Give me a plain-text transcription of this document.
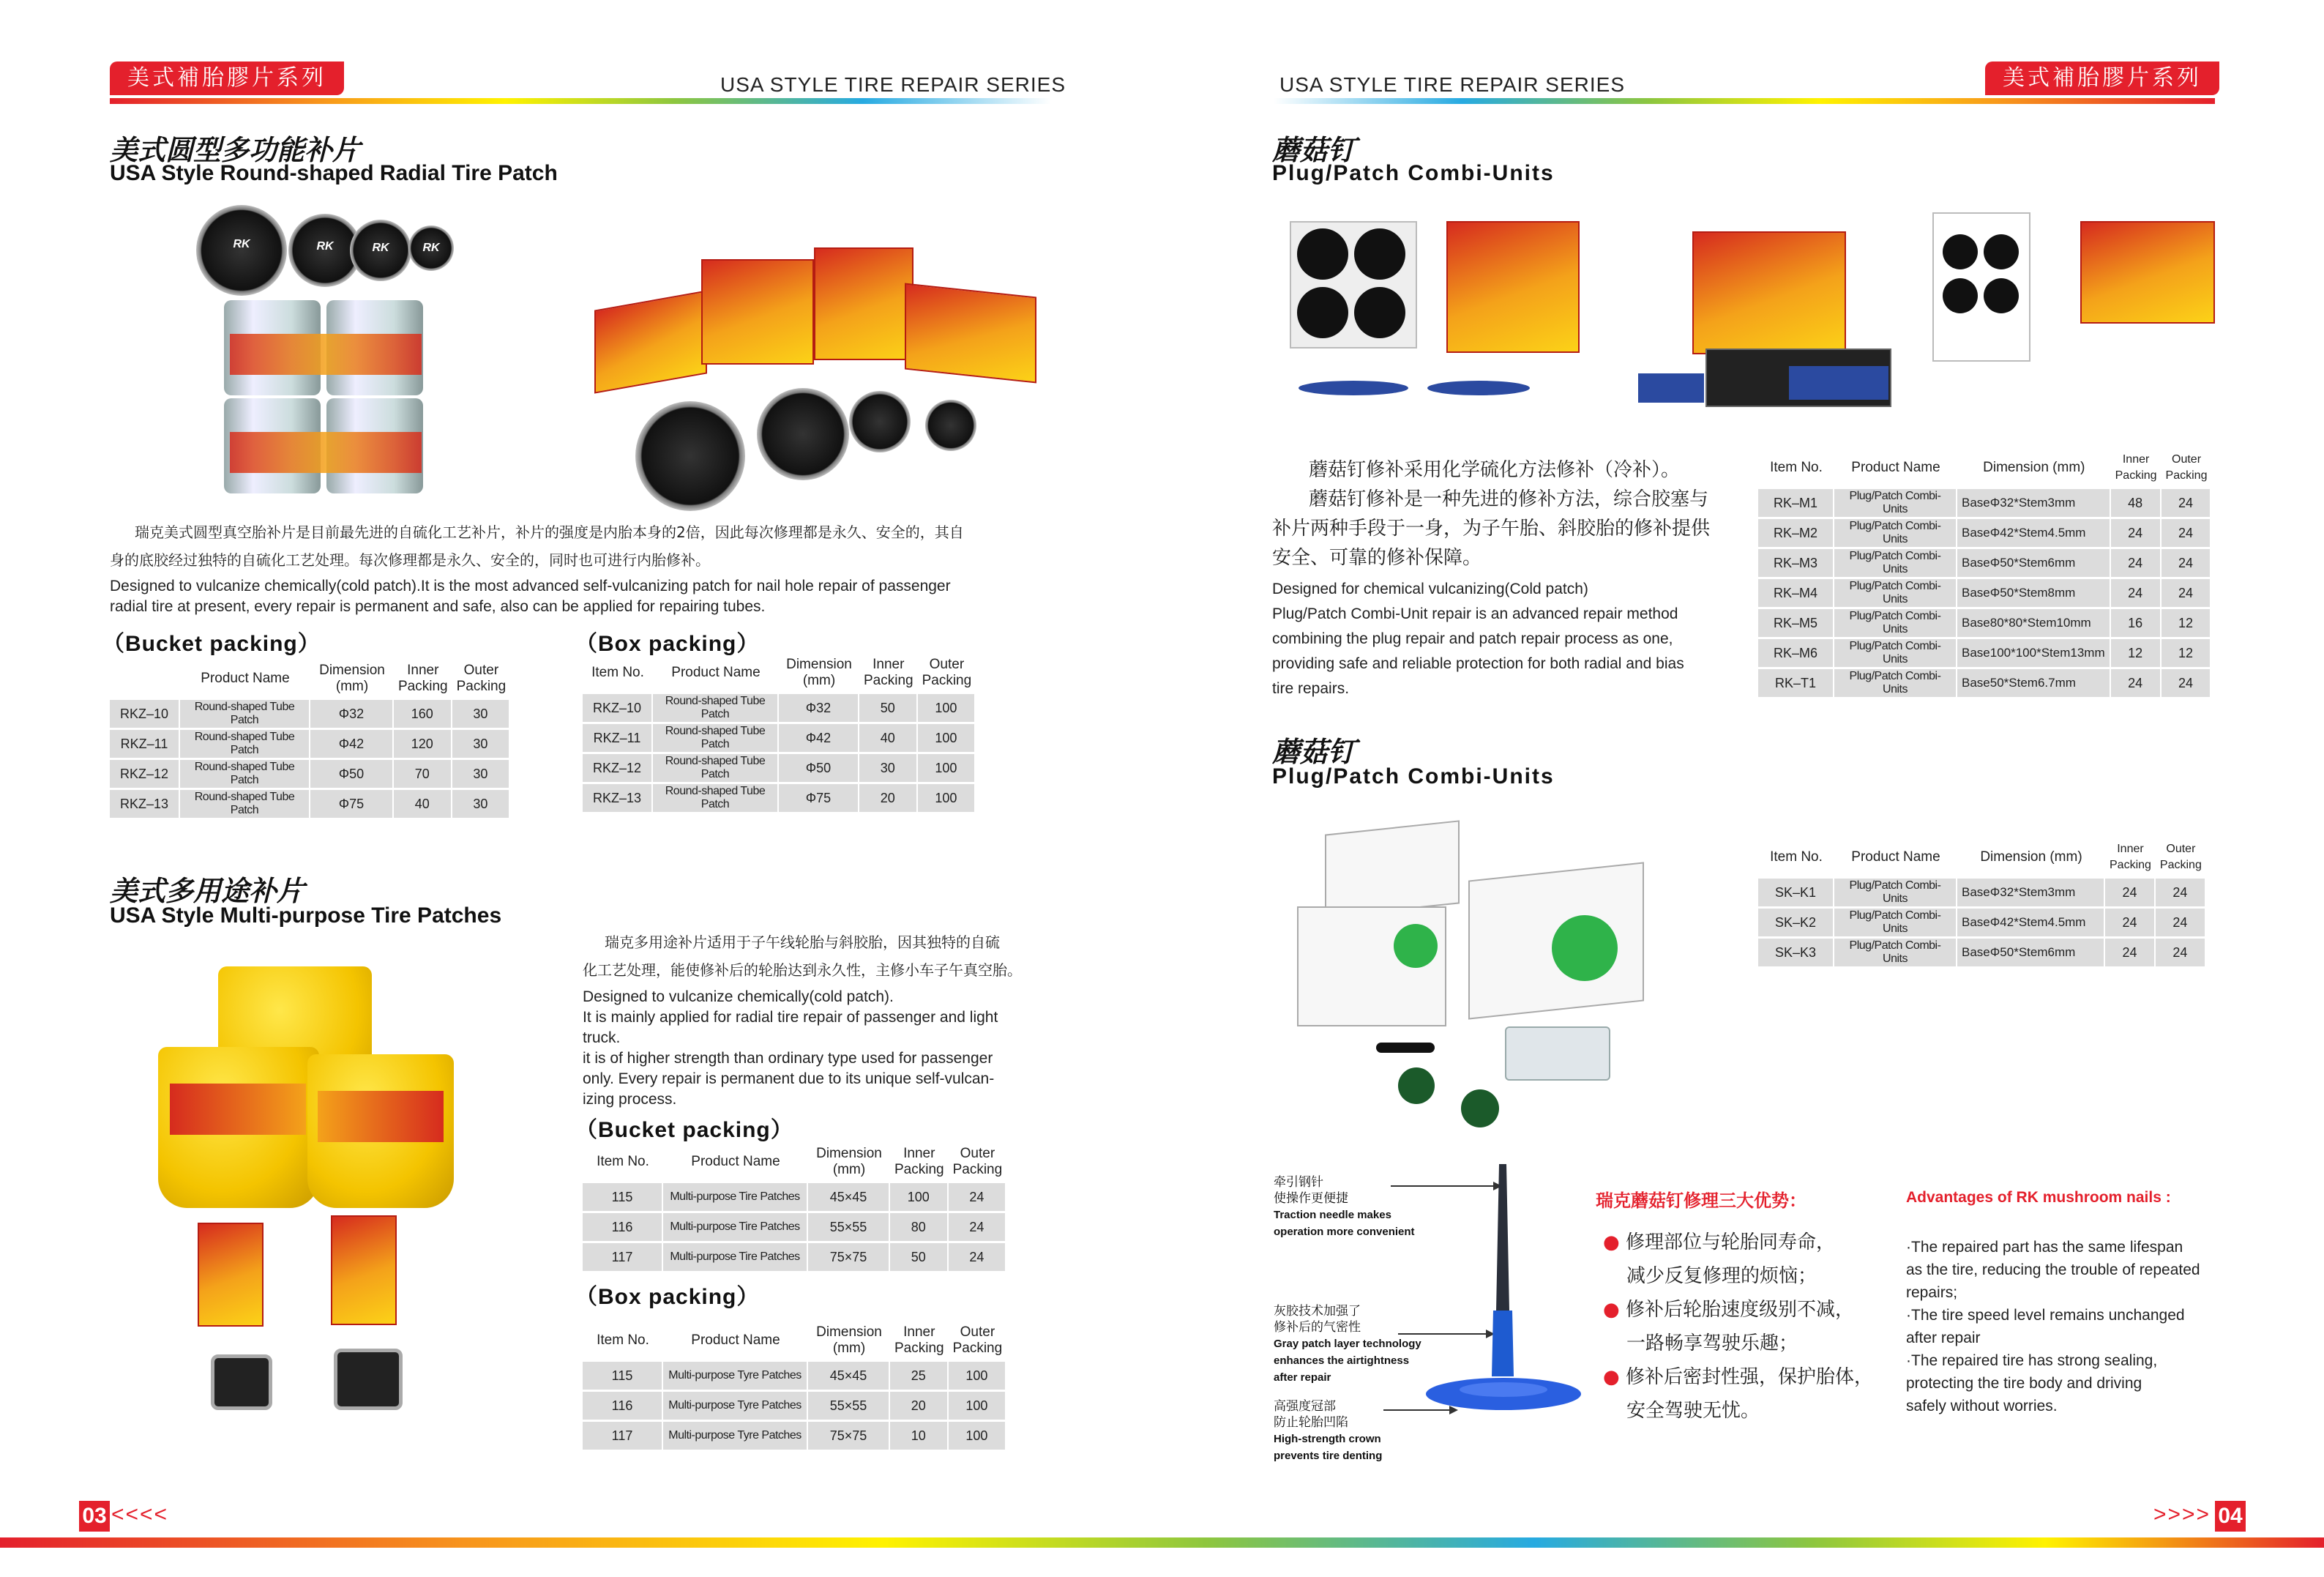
美式補胎膠片系列	USA STYLE TIRE REPAIR SERIES
美式圆型多功能补片
USA Style Round-shaped Radial Tire Patch
RK	RK	RK	RK
瑞克美式圆型真空胎补片是目前最先进的自硫化工艺补片，补片的强度是内胎本身的2倍，因此每次修理都是永久、安全的，其自
身的底胶经过独特的自硫化工艺处理。每次修理都是永久、安全的，同时也可进行内胎修补。
Designed to vulcanize chemically(cold patch).It is the most advanced self-vulcanizing patch for nail hole repair of passenger
radial tire at present, every repair is permanent and safe, also can be applied for repairing tubes.
（Bucket packing）	（Box packing）
	Product Name	Dimension (mm)	Inner Packing	Outer Packing
RKZ–10	Round-shaped Tube Patch	Φ32	160	30
RKZ–11	Round-shaped Tube Patch	Φ42	120	30
RKZ–12	Round-shaped Tube Patch	Φ50	70	30
RKZ–13	Round-shaped Tube Patch	Φ75	40	30
Item No.	Product Name	Dimension (mm)	Inner Packing	Outer Packing
RKZ–10	Round-shaped Tube Patch	Φ32	50	100
RKZ–11	Round-shaped Tube Patch	Φ42	40	100
RKZ–12	Round-shaped Tube Patch	Φ50	30	100
RKZ–13	Round-shaped Tube Patch	Φ75	20	100
美式多用途补片
USA Style Multi-purpose Tire Patches
瑞克多用途补片适用于子午线轮胎与斜胶胎，因其独特的自硫
化工艺处理，能使修补后的轮胎达到永久性，主修小车子午真空胎。
Designed to vulcanize chemically(cold patch).
It is mainly applied for radial tire repair of passenger and light
truck.
it is of higher strength than ordinary type used for passenger
only. Every repair is permanent due to its unique self-vulcan-
izing process.
（Bucket packing）
Item No.	Product Name	Dimension (mm)	Inner Packing	Outer Packing
115	Multi-purpose Tire Patches	45×45	100	24
116	Multi-purpose Tire Patches	55×55	80	24
117	Multi-purpose Tire Patches	75×75	50	24
（Box packing）
Item No.	Product Name	Dimension (mm)	Inner Packing	Outer Packing
115	Multi-purpose Tyre Patches	45×45	25	100
116	Multi-purpose Tyre Patches	55×55	20	100
117	Multi-purpose Tyre Patches	75×75	10	100
03 <<<<
USA STYLE TIRE REPAIR SERIES	美式補胎膠片系列
蘑菇钉
Plug/Patch Combi-Units
蘑菇钉修补采用化学硫化方法修补（冷补）。
蘑菇钉修补是一种先进的修补方法，综合胶塞与
补片两种手段于一身，为子午胎、斜胶胎的修补提供
安全、可靠的修补保障。
Designed for chemical vulcanizing(Cold patch)
Plug/Patch Combi-Unit repair is an advanced repair method
combining the plug repair and patch repair process as one,
providing safe and reliable protection for both radial and bias
tire repairs.
Item No.	Product Name	Dimension (mm)	Inner Packing	Outer Packing
RK–M1	Plug/Patch Combi-Units	BaseΦ32*Stem3mm	48	24
RK–M2	Plug/Patch Combi-Units	BaseΦ42*Stem4.5mm	24	24
RK–M3	Plug/Patch Combi-Units	BaseΦ50*Stem6mm	24	24
RK–M4	Plug/Patch Combi-Units	BaseΦ50*Stem8mm	24	24
RK–M5	Plug/Patch Combi-Units	Base80*80*Stem10mm	16	12
RK–M6	Plug/Patch Combi-Units	Base100*100*Stem13mm	12	12
RK–T1	Plug/Patch Combi-Units	Base50*Stem6.7mm	24	24
蘑菇钉
Plug/Patch Combi-Units
Item No.	Product Name	Dimension (mm)	Inner Packing	Outer Packing
SK–K1	Plug/Patch Combi-Units	BaseΦ32*Stem3mm	24	24
SK–K2	Plug/Patch Combi-Units	BaseΦ42*Stem4.5mm	24	24
SK–K3	Plug/Patch Combi-Units	BaseΦ50*Stem6mm	24	24
牵引钢针
使操作更便捷
Traction needle makes
operation more convenient
灰胶技术加强了
修补后的气密性
Gray patch layer technology
enhances the airtightness
after repair
高强度冠部
防止轮胎凹陷
High-strength crown
prevents tire denting
瑞克蘑菇钉修理三大优势：	Advantages of RK mushroom nails :
● 修理部位与轮胎同寿命，
减少反复修理的烦恼；
● 修补后轮胎速度级别不减，
一路畅享驾驶乐趣；
● 修补后密封性强，保护胎体，
安全驾驶无忧。
·The repaired part has the same lifespan
as the tire, reducing the trouble of repeated
repairs;
·The tire speed level remains unchanged
after repair
·The repaired tire has strong sealing,
protecting the tire body and driving
safely without worries.
>>>> 04
